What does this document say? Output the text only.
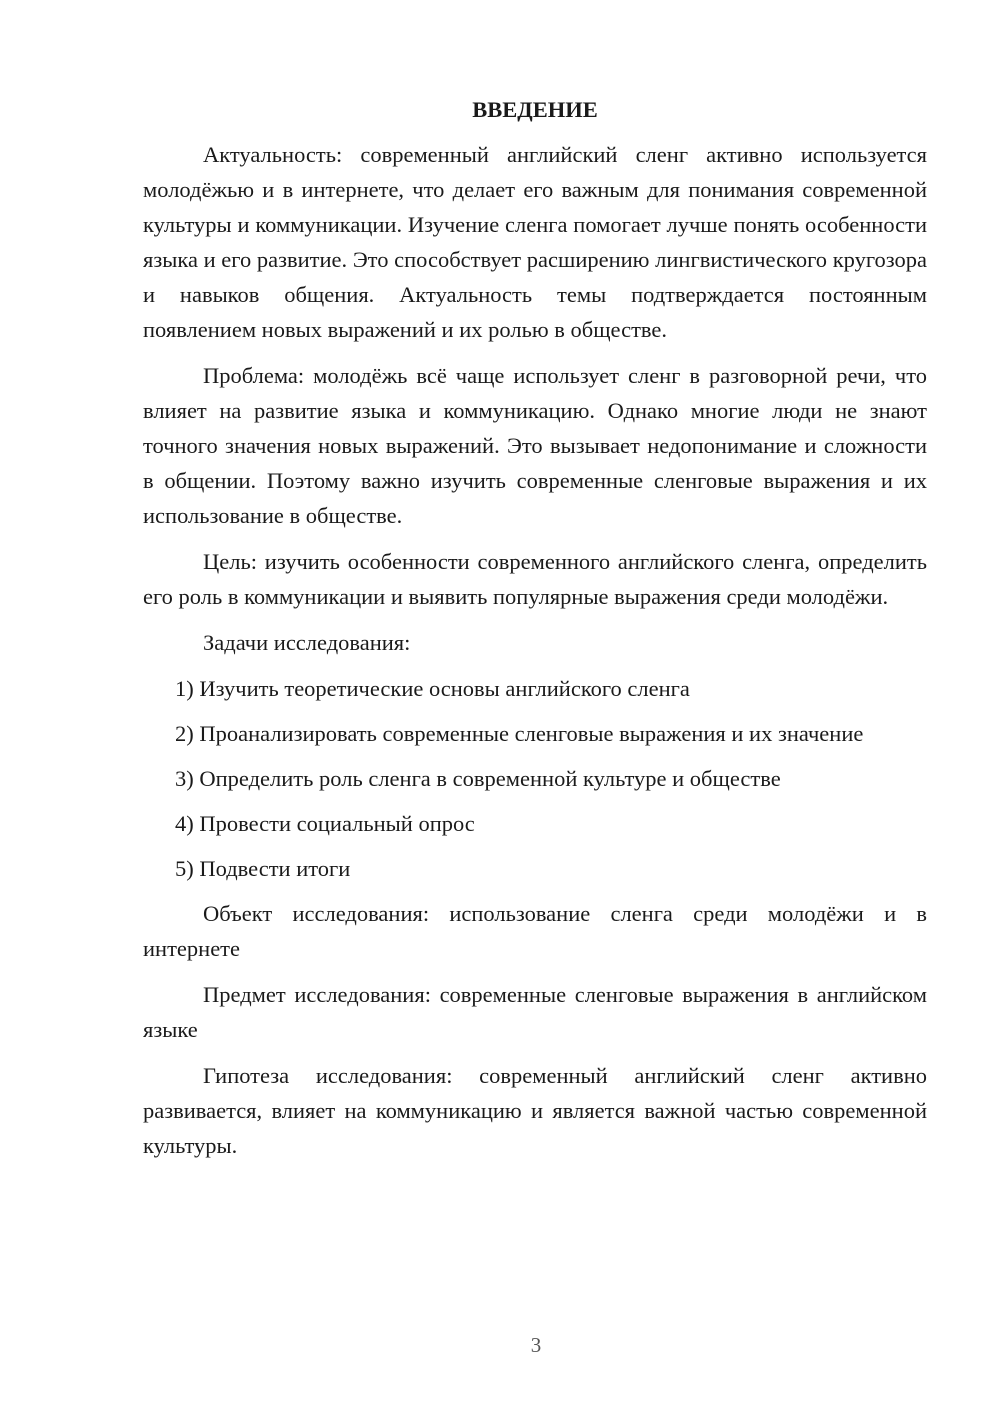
ВВЕДЕНИЕ

Актуальность: современный английский сленг активно используется молодёжью и в интернете, что делает его важным для понимания современной культуры и коммуникации. Изучение сленга помогает лучше понять особенности языка и его развитие. Это способствует расширению лингвистического кругозора и навыков общения. Актуальность темы подтверждается постоянным появлением новых выражений и их ролью в обществе.

Проблема: молодёжь всё чаще использует сленг в разговорной речи, что влияет на развитие языка и коммуникацию. Однако многие люди не знают точного значения новых выражений. Это вызывает недопонимание и сложности в общении. Поэтому важно изучить современные сленговые выражения и их использование в обществе.

Цель: изучить особенности современного английского сленга, определить его роль в коммуникации и выявить популярные выражения среди молодёжи.

Задачи исследования:

1) Изучить теоретические основы английского сленга

2) Проанализировать современные сленговые выражения и их значение

3) Определить роль сленга в современной культуре и обществе

4) Провести социальный опрос

5) Подвести итоги

Объект исследования: использование сленга среди молодёжи и в интернете

Предмет исследования: современные сленговые выражения в английском языке

Гипотеза исследования: современный английский сленг активно развивается, влияет на коммуникацию и является важной частью современной культуры.

3
